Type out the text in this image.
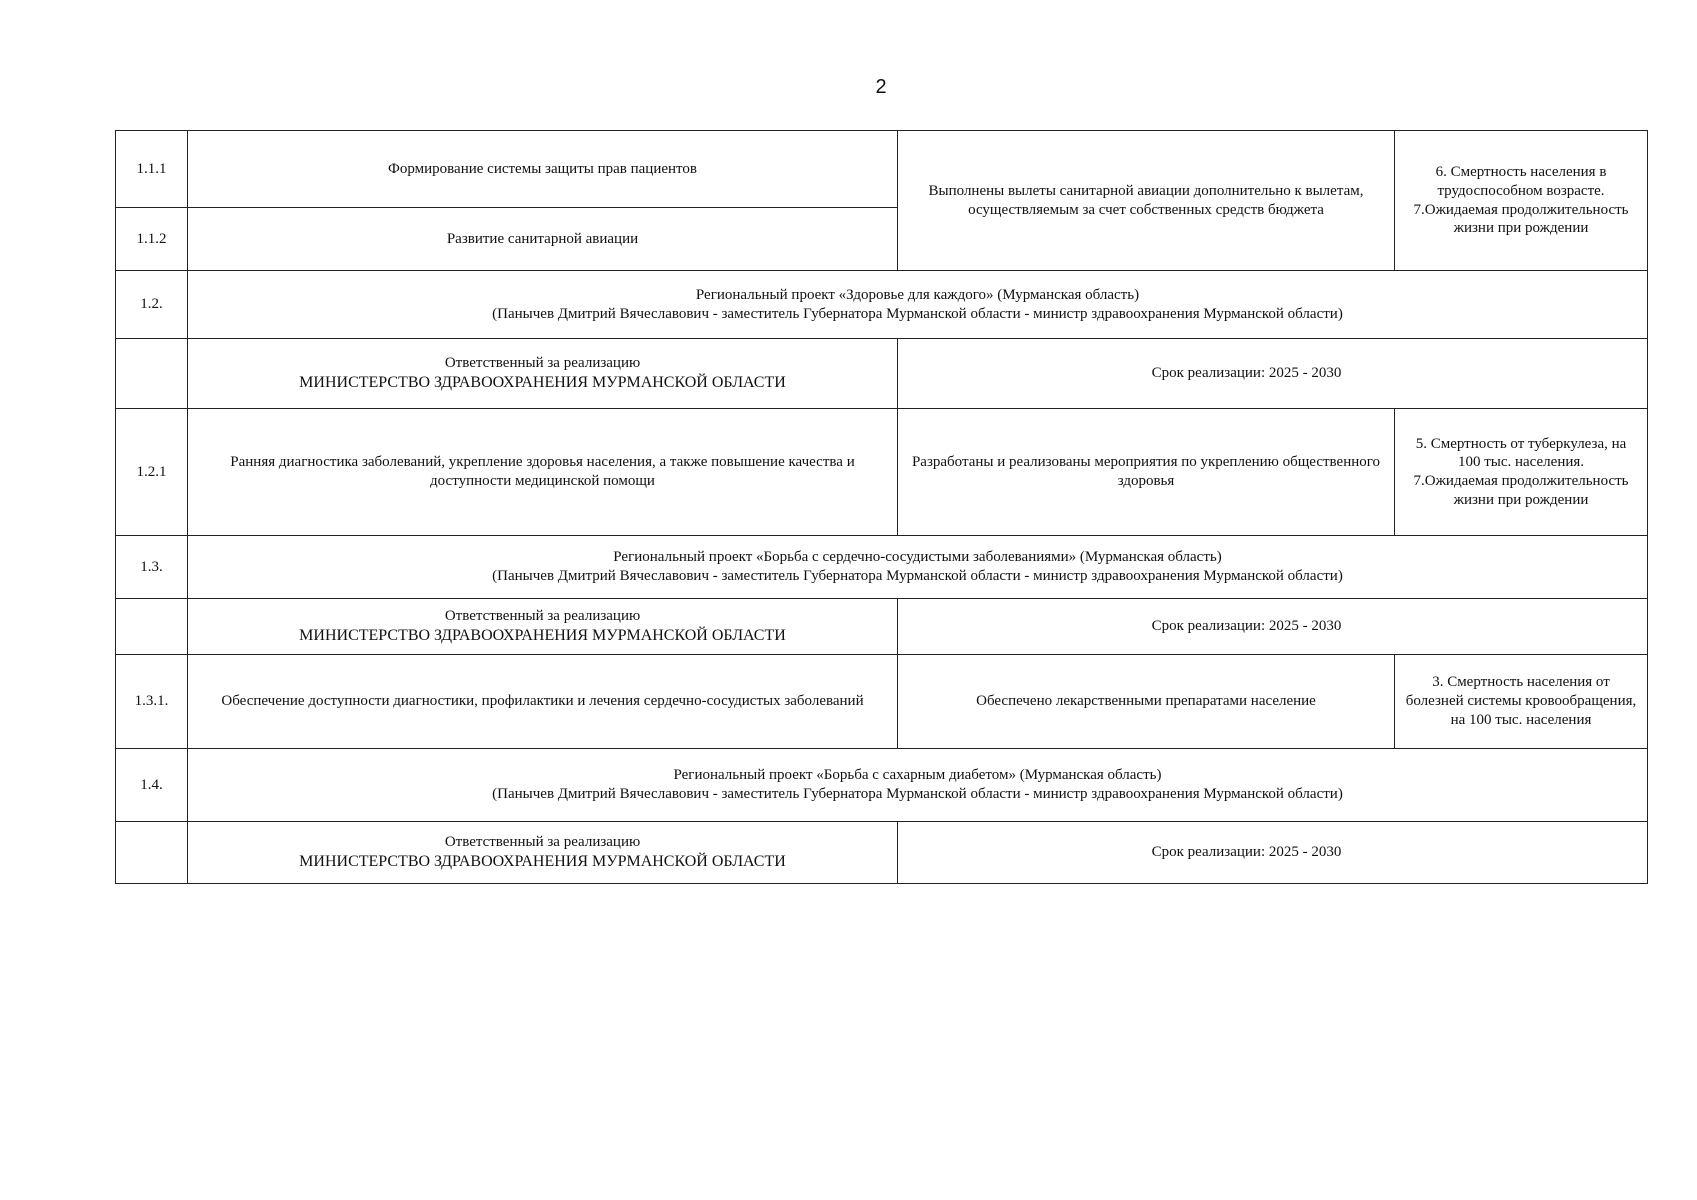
2
1.1.1	Формирование системы защиты прав пациентов	Выполнены вылеты санитарной авиации дополнительно к вылетам, осуществляемым за счет собственных средств бюджета	6. Смертность населения в трудоспособном возрасте.
7.Ожидаемая продолжительность жизни при рождении

1.1.2	Развитие санитарной авиации		
1.2.	Региональный проект «Здоровье для каждого» (Мурманская область)
(Панычев Дмитрий Вячеславович - заместитель Губернатора Мурманской области - министр здравоохранения Мурманской области)		

	Ответственный за реализацию
МИНИСТЕРСТВО ЗДРАВООХРАНЕНИЯ МУРМАНСКОЙ ОБЛАСТИ	Срок реализации: 2025 - 2030	
1.2.1	Ранняя диагностика заболеваний, укрепление здоровья населения, а также повышение качества и доступности медицинской помощи	Разработаны и реализованы мероприятия по укреплению общественного здоровья	5. Смертность от туберкулеза, на 100 тыс. населения.
7.Ожидаемая продолжительность жизни при рождении

1.3.	Региональный проект «Борьба с сердечно-сосудистыми заболеваниями» (Мурманская область)
(Панычев Дмитрий Вячеславович - заместитель Губернатора Мурманской области - министр здравоохранения Мурманской области)		

	Ответственный за реализацию
МИНИСТЕРСТВО ЗДРАВООХРАНЕНИЯ МУРМАНСКОЙ ОБЛАСТИ	Срок реализации: 2025 - 2030	
1.3.1.	Обеспечение доступности диагностики, профилактики и лечения сердечно-сосудистых заболеваний	Обеспечено лекарственными препаратами население	3. Смертность населения от болезней системы кровообращения, на 100 тыс. населения

1.4.	Региональный проект «Борьба с сахарным диабетом» (Мурманская область)
(Панычев Дмитрий Вячеславович - заместитель Губернатора Мурманской области - министр здравоохранения Мурманской области)		

	Ответственный за реализацию
МИНИСТЕРСТВО ЗДРАВООХРАНЕНИЯ МУРМАНСКОЙ ОБЛАСТИ	Срок реализации: 2025 - 2030	
